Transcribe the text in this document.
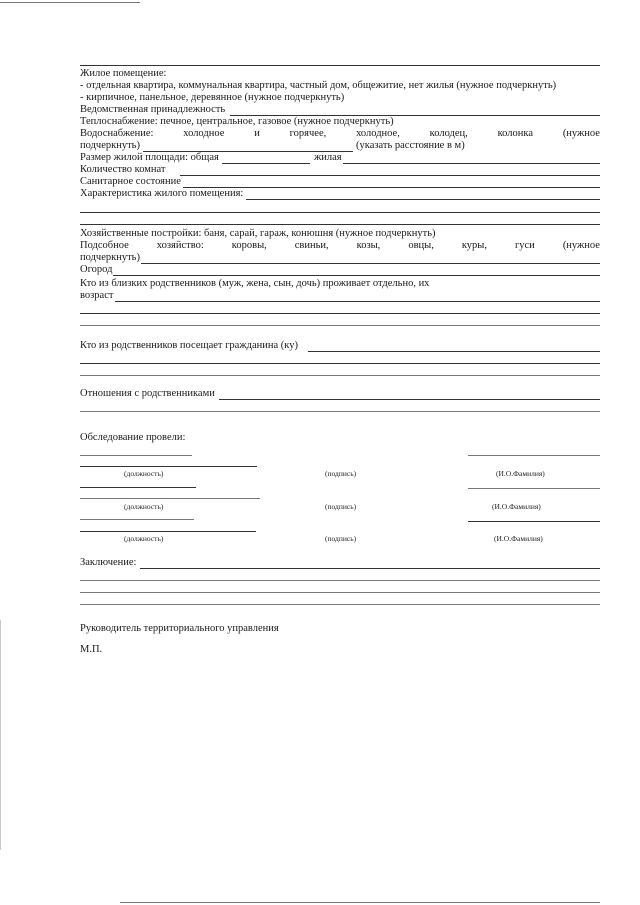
Жилое помещение:
- отдельная квартира, коммунальная квартира, частный дом, общежитие, нет жилья (нужное подчеркнуть)
- кирпичное, панельное, деревянное (нужное подчеркнуть)
Ведомственная принадлежность
Теплоснабжение: печное, центральное, газовое (нужное подчеркнуть)
Водоснабжение:	холодное	и	горячее,	холодное,	колодец,	колонка	(нужное
подчеркнуть)	(указать расстояние в м)
Размер жилой площади: общая	жилая
Количество комнат
Санитарное состояние
Характеристика жилого помещения:
Хозяйственные постройки: баня, сарай, гараж, конюшня (нужное подчеркнуть)
Подсобное	хозяйство:	коровы,	свиньи,	козы,	овцы,	куры,	гуси	(нужное
подчеркнуть)
Огород
Кто из близких родственников (муж, жена, сын, дочь) проживает отдельно, их
возраст
Кто из родственников посещает гражданина (ку)
Отношения с родственниками
Обследование провели:
(должность)	(подпись)	(И.О.Фамилия)
(должность)	(подпись)	(И.О.Фамилия)
(должность)	(подпись)	(И.О.Фамилия)
Заключение:
Руководитель территориального управления
М.П.
